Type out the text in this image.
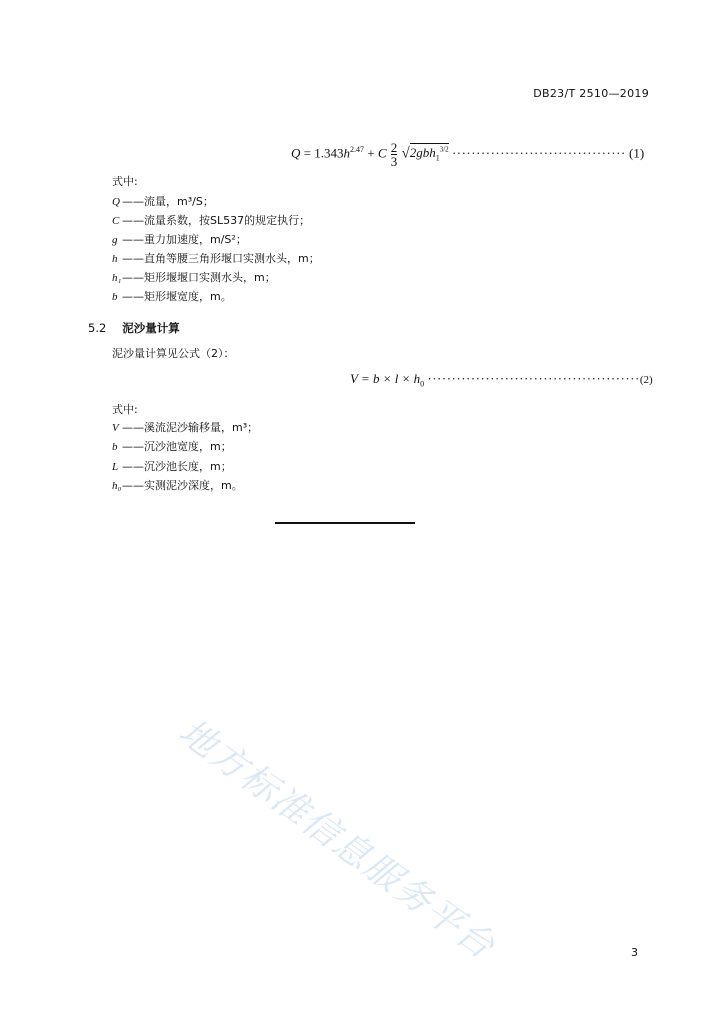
DB23/T 2510—2019
$Q = 1.343h^{2.47} + C \frac{2}{3} √2gbh_1^{3/2}$ ···································· (1)
式中:
Q ——流量，m³/S；
C ——流量系数，按SL537的规定执行；
g ——重力加速度，m/S²；
h ——直角等腰三角形堰口实测水头，m；
h₁——矩形堰堰口实测水头，m；
b ——矩形堰宽度，m。
5.2 泥沙量计算
泥沙量计算见公式（2）：
$V = b \times l \times h_0 \cdot\cdot\cdot\cdot\cdot\cdot\cdot\cdot\cdot\cdot\cdot\cdot\cdot\cdot\cdot\cdot\cdot\cdot\cdot\cdot\cdot\cdot\cdot\cdot\cdot\cdot\cdot\cdot\cdot\cdot\cdot\cdot\cdot\cdot\cdot\cdot\cdot\cdot\cdot\cdot\cdot\cdot\cdot\cdot(2)$
式中:
V ——溪流泥沙输移量，m³；
b ——沉沙池宽度，m；
L ——沉沙池长度，m；
h₀——实测泥沙深度，m。
地方标准信息服务平台	3
